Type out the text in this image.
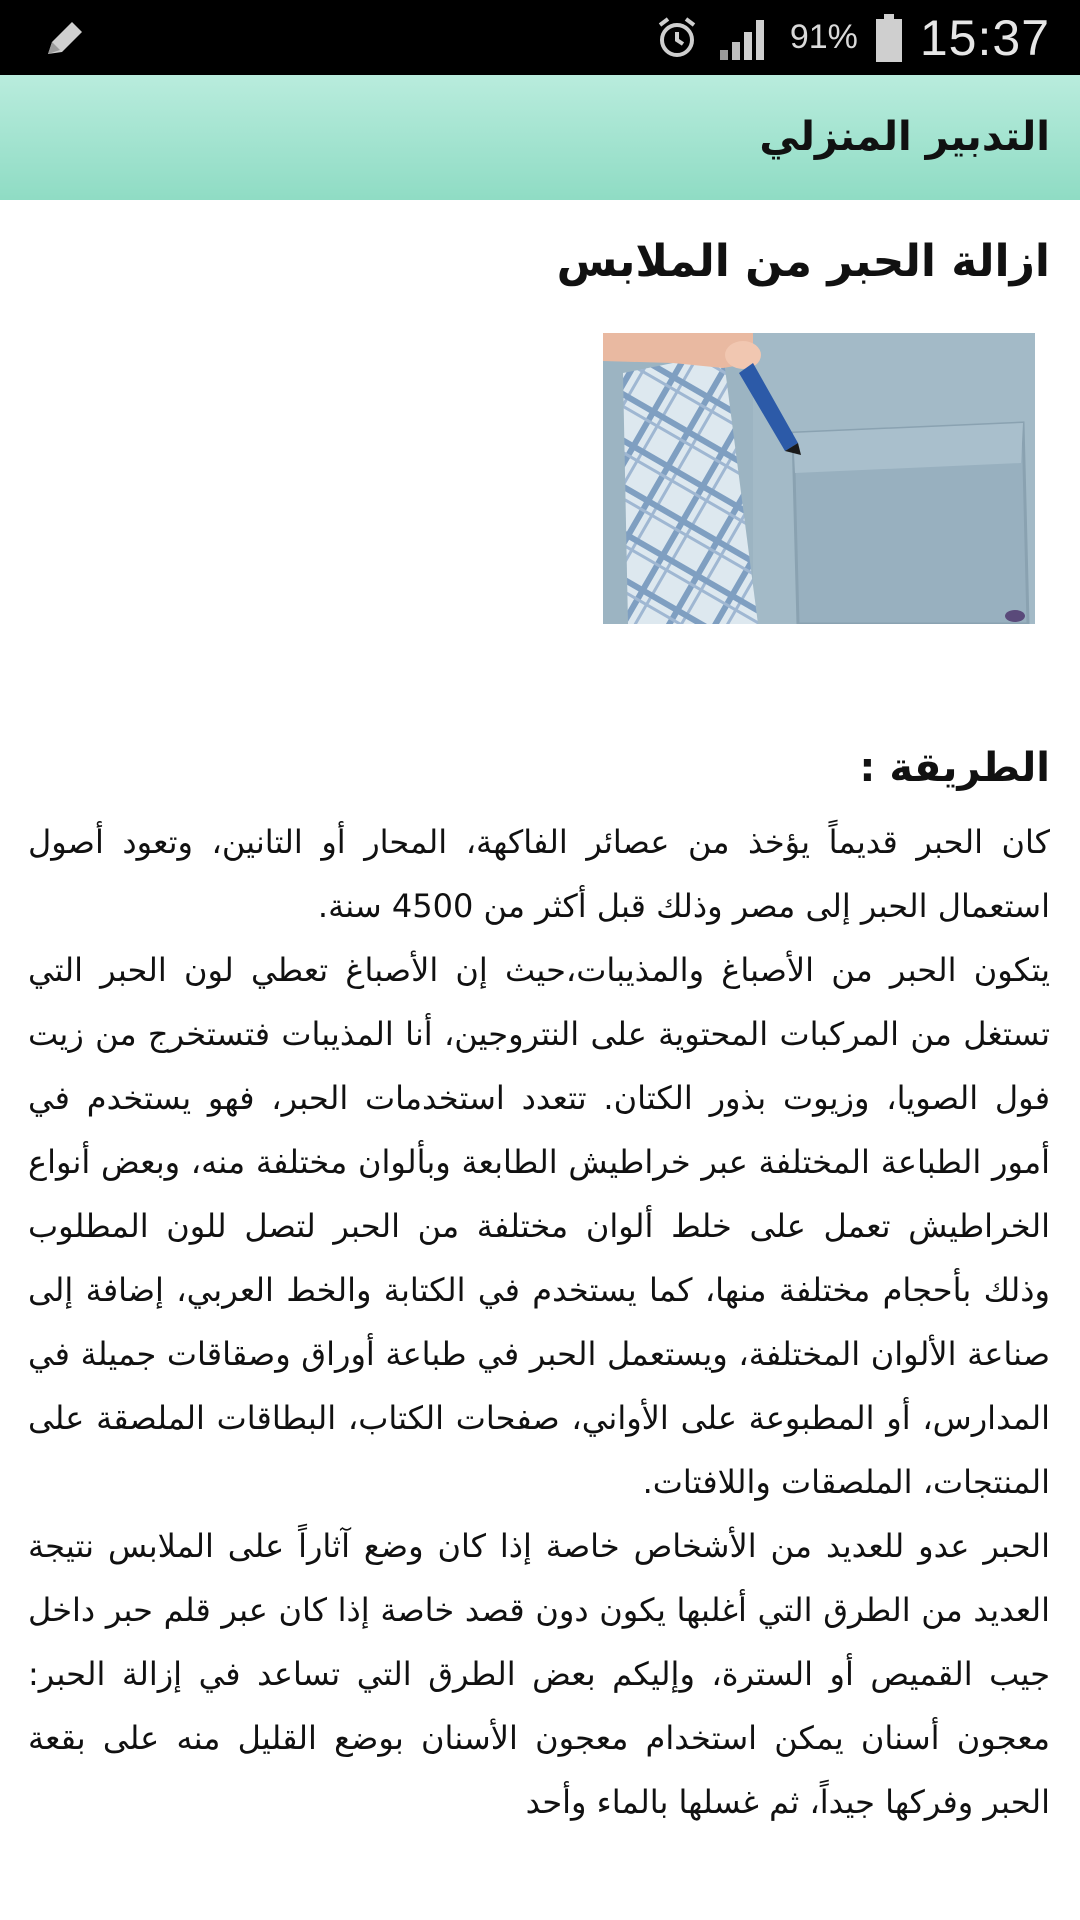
91% 15:37
التدبير المنزلي
ازالة الحبر من الملابس
الطريقة :

كان الحبر قديماً يؤخذ من عصائر الفاكهة، المحار أو التانين، وتعود أصول استعمال الحبر إلى مصر وذلك قبل أكثر من 4500 سنة.

يتكون الحبر من الأصباغ والمذيبات،حيث إن الأصباغ تعطي لون الحبر التي تستغل من المركبات المحتوية على النتروجين، أنا المذيبات فتستخرج من زيت فول الصويا، وزيوت بذور الكتان. تتعدد استخدمات الحبر، فهو يستخدم في أمور الطباعة المختلفة عبر خراطيش الطابعة وبألوان مختلفة منه، وبعض أنواع الخراطيش تعمل على خلط ألوان مختلفة من الحبر لتصل للون المطلوب وذلك بأحجام مختلفة منها، كما يستخدم في الكتابة والخط العربي، إضافة إلى صناعة الألوان المختلفة، ويستعمل الحبر في طباعة أوراق وصقاقات جميلة في المدارس، أو المطبوعة على الأواني، صفحات الكتاب، البطاقات الملصقة على المنتجات، الملصقات واللافتات.

الحبر عدو للعديد من الأشخاص خاصة إذا كان وضع آثاراً على الملابس نتيجة العديد من الطرق التي أغلبها يكون دون قصد خاصة إذا كان عبر قلم حبر داخل جيب القميص أو السترة، وإليكم بعض الطرق التي تساعد في إزالة الحبر: معجون أسنان يمكن استخدام معجون الأسنان بوضع القليل منه على بقعة الحبر وفركها جيداً، ثم غسلها بالماء وأحد
